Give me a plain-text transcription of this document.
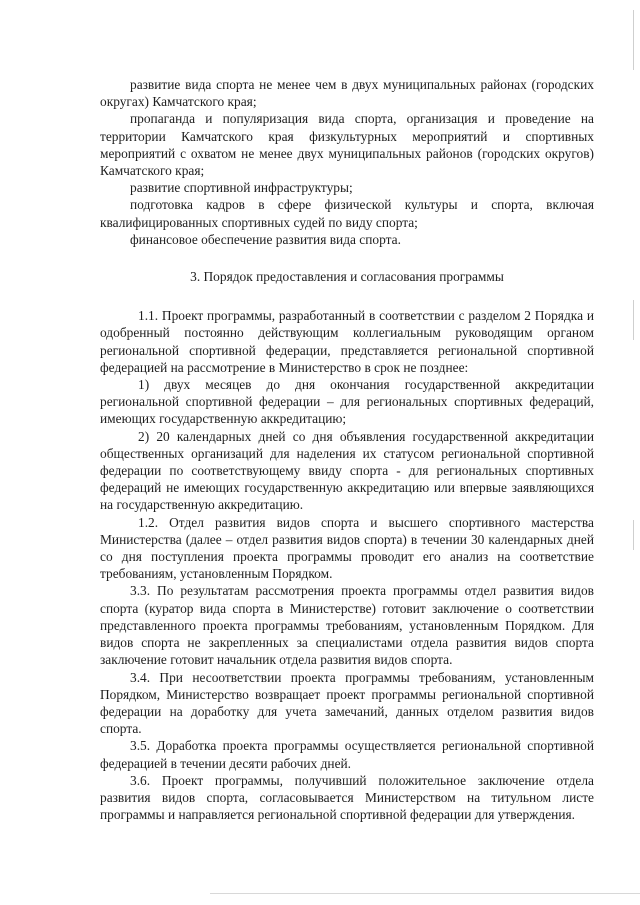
развитие вида спорта не менее чем в двух муниципальных районах (городских округах) Камчатского края;

пропаганда и популяризация вида спорта, организация и проведение на территории Камчатского края физкультурных мероприятий и спортивных мероприятий с охватом не менее двух муниципальных районов (городских округов) Камчатского края;

развитие спортивной инфраструктуры;

подготовка кадров в сфере физической культуры и спорта, включая квалифицированных спортивных судей по виду спорта;

финансовое обеспечение развития вида спорта.

3. Порядок предоставления и согласования программы

1.1. Проект программы, разработанный в соответствии с разделом 2 Порядка и одобренный постоянно действующим коллегиальным руководящим органом региональной спортивной федерации, представляется региональной спортивной федерацией на рассмотрение в Министерство в срок не позднее:

1) двух месяцев до дня окончания государственной аккредитации региональной спортивной федерации – для региональных спортивных федераций, имеющих государственную аккредитацию;

2) 20 календарных дней со дня объявления государственной аккредитации общественных организаций для наделения их статусом региональной спортивной федерации по соответствующему ввиду спорта - для региональных спортивных федераций не имеющих государственную аккредитацию или впервые заявляющихся на государственную аккредитацию.

1.2. Отдел развития видов спорта и высшего спортивного мастерства Министерства (далее – отдел развития видов спорта) в течении 30 календарных дней со дня поступления проекта программы проводит его анализ на соответствие требованиям, установленным Порядком.

3.3. По результатам рассмотрения проекта программы отдел развития видов спорта (куратор вида спорта в Министерстве) готовит заключение о соответствии представленного проекта программы требованиям, установленным Порядком. Для видов спорта не закрепленных за специалистами отдела развития видов спорта заключение готовит начальник отдела развития видов спорта.

3.4. При несоответствии проекта программы требованиям, установленным Порядком, Министерство возвращает проект программы региональной спортивной федерации на доработку для учета замечаний, данных отделом развития видов спорта.

3.5. Доработка проекта программы осуществляется региональной спортивной федерацией в течении десяти рабочих дней.

3.6. Проект программы, получивший положительное заключение отдела развития видов спорта, согласовывается Министерством на титульном листе программы и направляется региональной спортивной федерации для утверждения.
